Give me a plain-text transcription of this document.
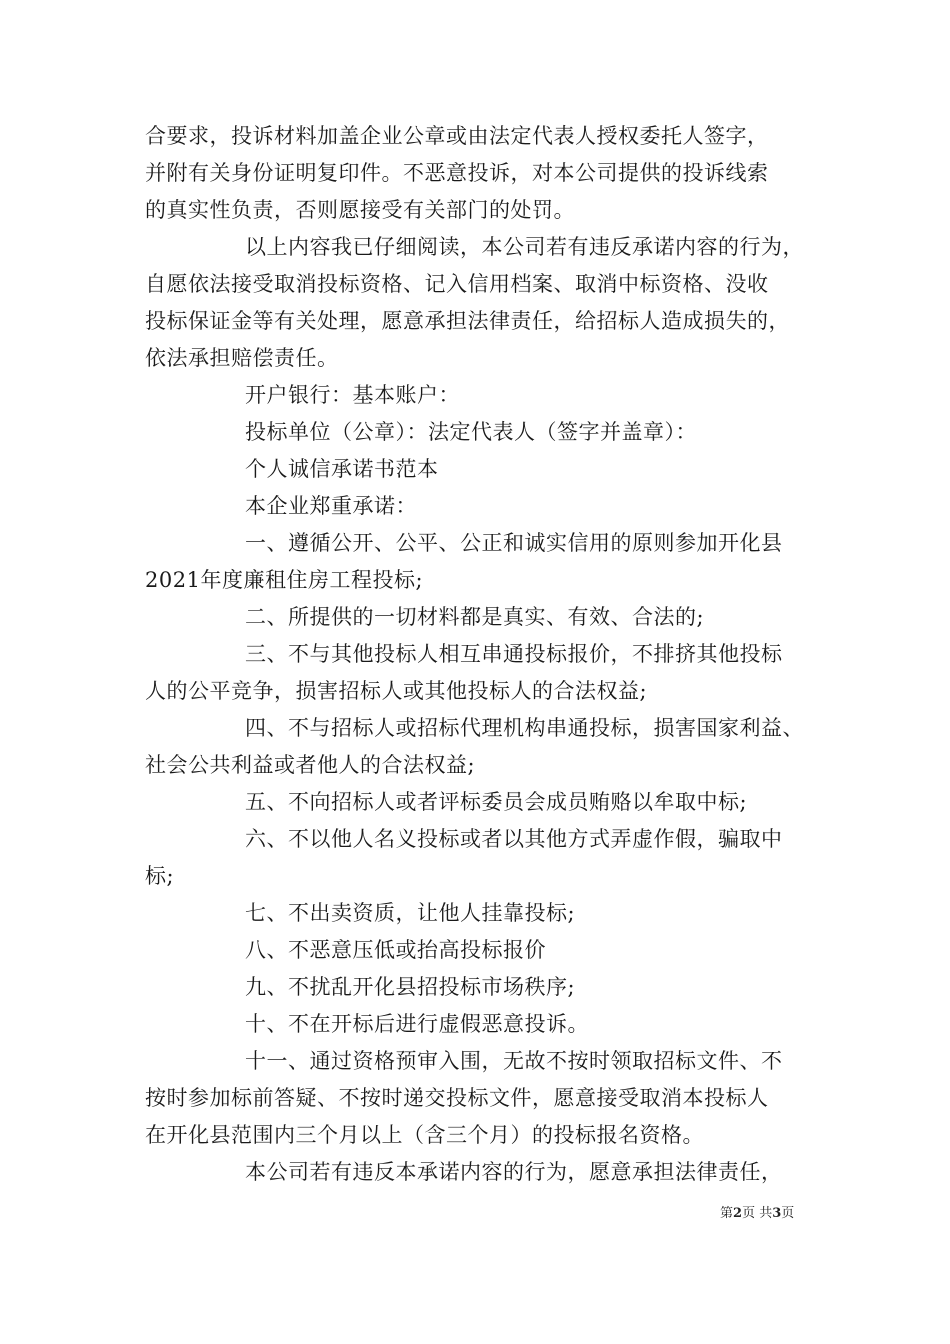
合要求，投诉材料加盖企业公章或由法定代表人授权委托人签字，
并附有关身份证明复印件。不恶意投诉，对本公司提供的投诉线索
的真实性负责，否则愿接受有关部门的处罚。
以上内容我已仔细阅读，本公司若有违反承诺内容的行为，
自愿依法接受取消投标资格、记入信用档案、取消中标资格、没收
投标保证金等有关处理，愿意承担法律责任，给招标人造成损失的，
依法承担赔偿责任。
开户银行：基本账户：
投标单位（公章）：法定代表人（签字并盖章）：
个人诚信承诺书范本
本企业郑重承诺：
一、遵循公开、公平、公正和诚实信用的原则参加开化县
2021年度廉租住房工程投标;
二、所提供的一切材料都是真实、有效、合法的;
三、不与其他投标人相互串通投标报价，不排挤其他投标
人的公平竞争，损害招标人或其他投标人的合法权益;
四、不与招标人或招标代理机构串通投标，损害国家利益、
社会公共利益或者他人的合法权益;
五、不向招标人或者评标委员会成员贿赂以牟取中标;
六、不以他人名义投标或者以其他方式弄虚作假，骗取中
标;
七、不出卖资质，让他人挂靠投标;
八、不恶意压低或抬高投标报价
九、不扰乱开化县招投标市场秩序;
十、不在开标后进行虚假恶意投诉。
十一、通过资格预审入围，无故不按时领取招标文件、不
按时参加标前答疑、不按时递交投标文件，愿意接受取消本投标人
在开化县范围内三个月以上（含三个月）的投标报名资格。
本公司若有违反本承诺内容的行为，愿意承担法律责任，
第2页 共3页
